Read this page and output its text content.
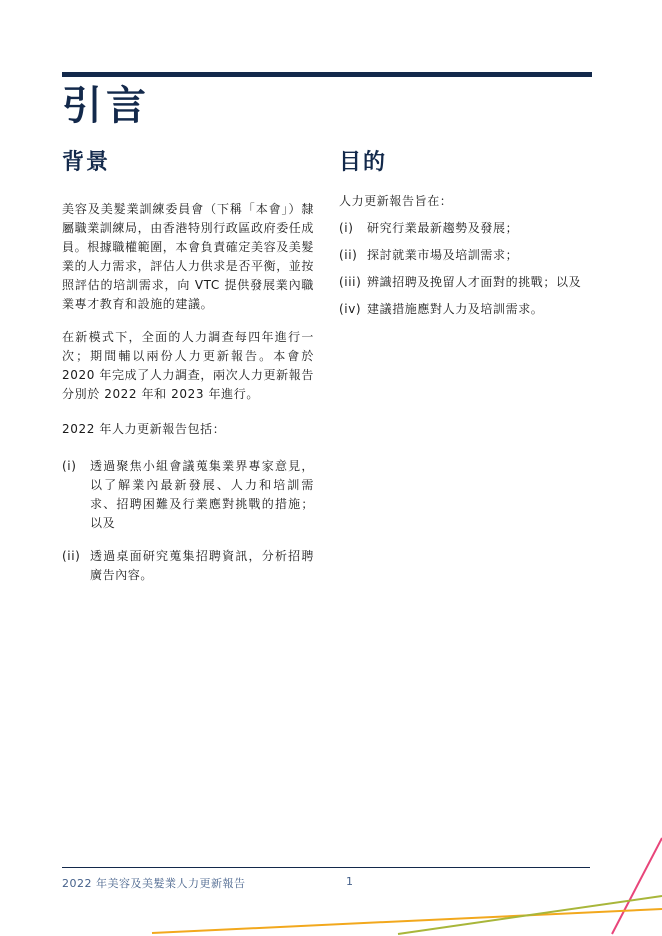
引言
背景

美容及美髮業訓練委員會（下稱「本會」）隸屬職業訓練局，由香港特別行政區政府委任成員。根據職權範圍，本會負責確定美容及美髮業的人力需求，評估人力供求是否平衡，並按照評估的培訓需求，向 VTC 提供發展業內職業專才教育和設施的建議。

在新模式下，全面的人力調查每四年進行一次；期間輔以兩份人力更新報告。本會於 2020 年完成了人力調查，兩次人力更新報告分別於 2022 年和 2023 年進行。

2022 年人力更新報告包括：

(i)	透過聚焦小組會議蒐集業界專家意見，以了解業內最新發展、人力和培訓需求、招聘困難及行業應對挑戰的措施；以及
(ii) 透過桌面研究蒐集招聘資訊，分析招聘廣告內容。
目的

人力更新報告旨在：

(i)	研究行業最新趨勢及發展；
(ii) 探討就業市場及培訓需求；
(iii) 辨識招聘及挽留人才面對的挑戰；以及
(iv) 建議措施應對人力及培訓需求。
2022 年美容及美髮業人力更新報告	1
